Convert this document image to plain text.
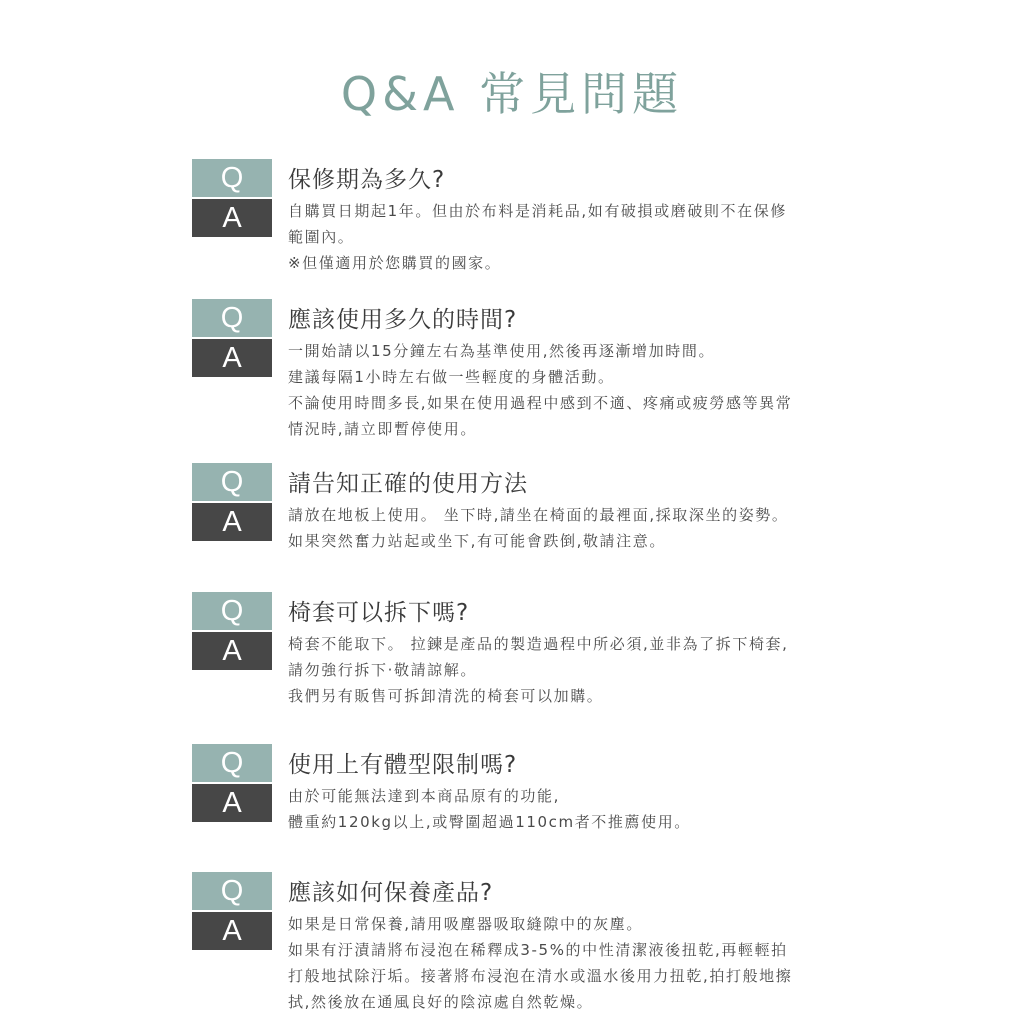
Q&A 常見問題
Q
A
保修期為多久?
自購買日期起1年。但由於布料是消耗品,如有破損或磨破則不在保修
範圍內。
※但僅適用於您購買的國家。
Q
A
應該使用多久的時間?
一開始請以15分鐘左右為基準使用,然後再逐漸增加時間。
建議每隔1小時左右做一些輕度的身體活動。
不論使用時間多長,如果在使用過程中感到不適、疼痛或疲勞感等異常
情況時,請立即暫停使用。
Q
A
請告知正確的使用方法
請放在地板上使用。 坐下時,請坐在椅面的最裡面,採取深坐的姿勢。
如果突然奮力站起或坐下,有可能會跌倒,敬請注意。
Q
A
椅套可以拆下嗎?
椅套不能取下。 拉鍊是產品的製造過程中所必須,並非為了拆下椅套,
請勿強行拆下·敬請諒解。
我們另有販售可拆卸清洗的椅套可以加購。
Q
A
使用上有體型限制嗎?
由於可能無法達到本商品原有的功能,
體重約120kg以上,或臀圍超過110cm者不推薦使用。
Q
A
應該如何保養產品?
如果是日常保養,請用吸塵器吸取縫隙中的灰塵。
如果有汙漬請將布浸泡在稀釋成3-5%的中性清潔液後扭乾,再輕輕拍
打般地拭除汙垢。接著將布浸泡在清水或溫水後用力扭乾,拍打般地擦
拭,然後放在通風良好的陰涼處自然乾燥。
